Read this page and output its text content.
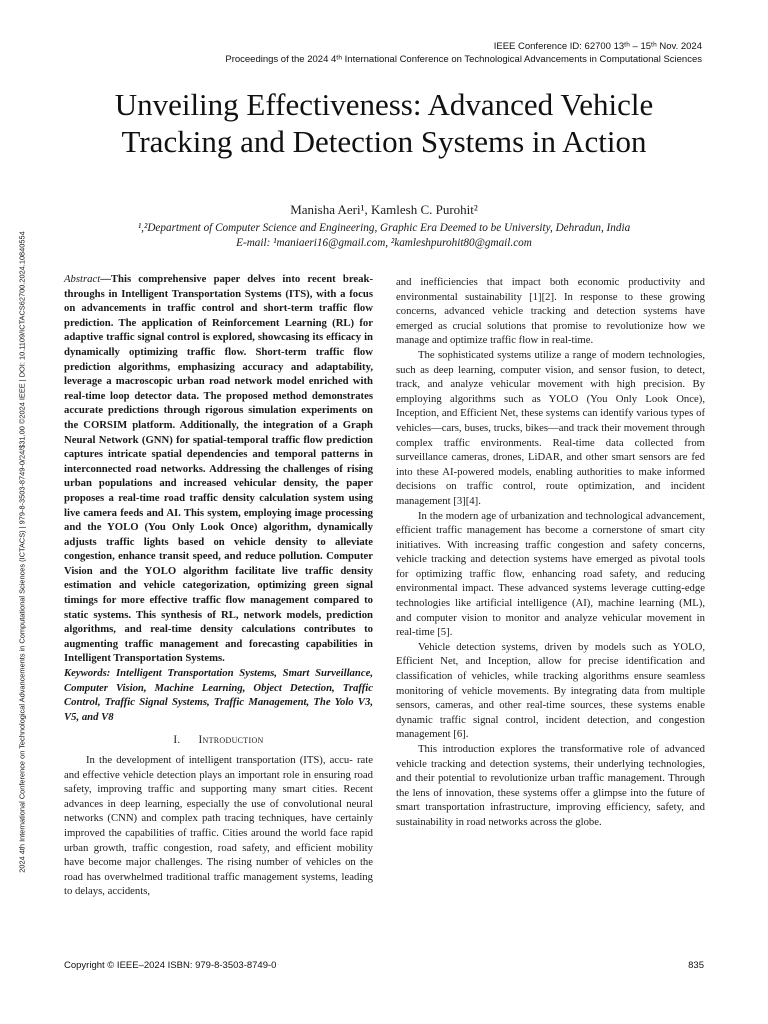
IEEE Conference ID: 62700 13ᵗʰ – 15ᵗʰ Nov. 2024
Proceedings of the 2024 4ᵗʰ International Conference on Technological Advancements in Computational Sciences
2024 4th International Conference on Technological Advancements in Computational Sciences (ICTACS) | 979-8-3503-8749-0/24/$31.00 ©2024 IEEE | DOI: 10.1109/ICTACS62700.2024.10840554
Unveiling Effectiveness: Advanced Vehicle
Tracking and Detection Systems in Action
Manisha Aeri¹, Kamlesh C. Purohit²
¹,²Department of Computer Science and Engineering, Graphic Era Deemed to be University, Dehradun, India
E-mail: ¹maniaeri16@gmail.com, ²kamleshpurohit80@gmail.com

Abstract—This comprehensive paper delves into recent break-throughs in Intelligent Transportation Systems (ITS), with a focus on advancements in traffic control and short-term traffic flow prediction. The application of Reinforcement Learning (RL) for adaptive traffic signal control is explored, showcasing its efficacy in dynamically optimizing traffic flow. Short-term traffic flow prediction algorithms, emphasizing accuracy and adaptability, leverage a macroscopic urban road network model enriched with real-time loop detector data. The proposed method demonstrates accurate predictions through rigorous simulation experiments on the CORSIM platform. Additionally, the integration of a Graph Neural Network (GNN) for spatial-temporal traffic flow prediction captures intricate spatial dependencies and temporal patterns in interconnected road networks. Addressing the challenges of rising urban populations and increased vehicular density, the paper proposes a real-time road traffic density calculation system using live camera feeds and AI. This system, employing image processing and the YOLO (You Only Look Once) algorithm, dynamically adjusts traffic lights based on vehicle density to alleviate congestion, enhance transit speed, and reduce pollution. Computer Vision and the YOLO algorithm facilitate live traffic density estimation and vehicle categorization, optimizing green signal timings for more effective traffic flow management compared to static systems. This synthesis of RL, network models, prediction algorithms, and real-time density calculations contributes to augmenting traffic management and forecasting capabilities in Intelligent Transportation Systems.

Keywords: Intelligent Transportation Systems, Smart Surveillance, Computer Vision, Machine Learning, Object Detection, Traffic Control, Traffic Signal Systems, Traffic Management, The Yolo V3, V5, and V8

I. Introduction

In the development of intelligent transportation (ITS), accu- rate and effective vehicle detection plays an important role in ensuring road safety, improving traffic and supporting many smart cities. Recent advances in deep learning, especially the use of convolutional neural networks (CNN) and complex path tracing techniques, have certainly improved the capabilities of traffic. Cities around the world face rapid urban growth, traffic congestion, road safety, and efficient mobility have become major challenges. The rising number of vehicles on the road has overwhelmed traditional traffic management systems, leading to delays, accidents,

and inefficiencies that impact both economic productivity and environmental sustainability [1][2]. In response to these growing concerns, advanced vehicle tracking and detection systems have emerged as crucial solutions that promise to revolutionize how we manage and optimize traffic flow in real-time.

The sophisticated systems utilize a range of modern technologies, such as deep learning, computer vision, and sensor fusion, to detect, track, and analyze vehicular movement with high precision. By employing algorithms such as YOLO (You Only Look Once), Inception, and Efficient Net, these systems can identify various types of vehicles—cars, buses, trucks, bikes—and track their movement through complex traffic environments. Real-time data collected from surveillance cameras, drones, LiDAR, and other smart sensors are fed into these AI-powered models, enabling authorities to make informed decisions on traffic control, route optimization, and incident management [3][4].

In the modern age of urbanization and technological advancement, efficient traffic management has become a cornerstone of smart city initiatives. With increasing traffic congestion and safety concerns, vehicle tracking and detection systems have emerged as pivotal tools for optimizing traffic flow, enhancing road safety, and reducing environmental impact. These advanced systems leverage cutting-edge technologies like artificial intelligence (AI), machine learning (ML), and computer vision to monitor and analyze vehicular movement in real-time [5].

Vehicle detection systems, driven by models such as YOLO, Efficient Net, and Inception, allow for precise identification and classification of vehicles, while tracking algorithms ensure seamless monitoring of vehicle movements. By integrating data from multiple sensors, cameras, and other real-time sources, these systems enable dynamic traffic signal control, incident detection, and congestion management [6].

This introduction explores the transformative role of advanced vehicle tracking and detection systems, their underlying technologies, and their potential to revolutionize urban traffic management. Through the lens of innovation, these systems offer a glimpse into the future of smart transportation infrastructure, improving efficiency, safety, and sustainability in road networks across the globe.

Copyright © IEEE–2024 ISBN: 979-8-3503-8749-0	835
